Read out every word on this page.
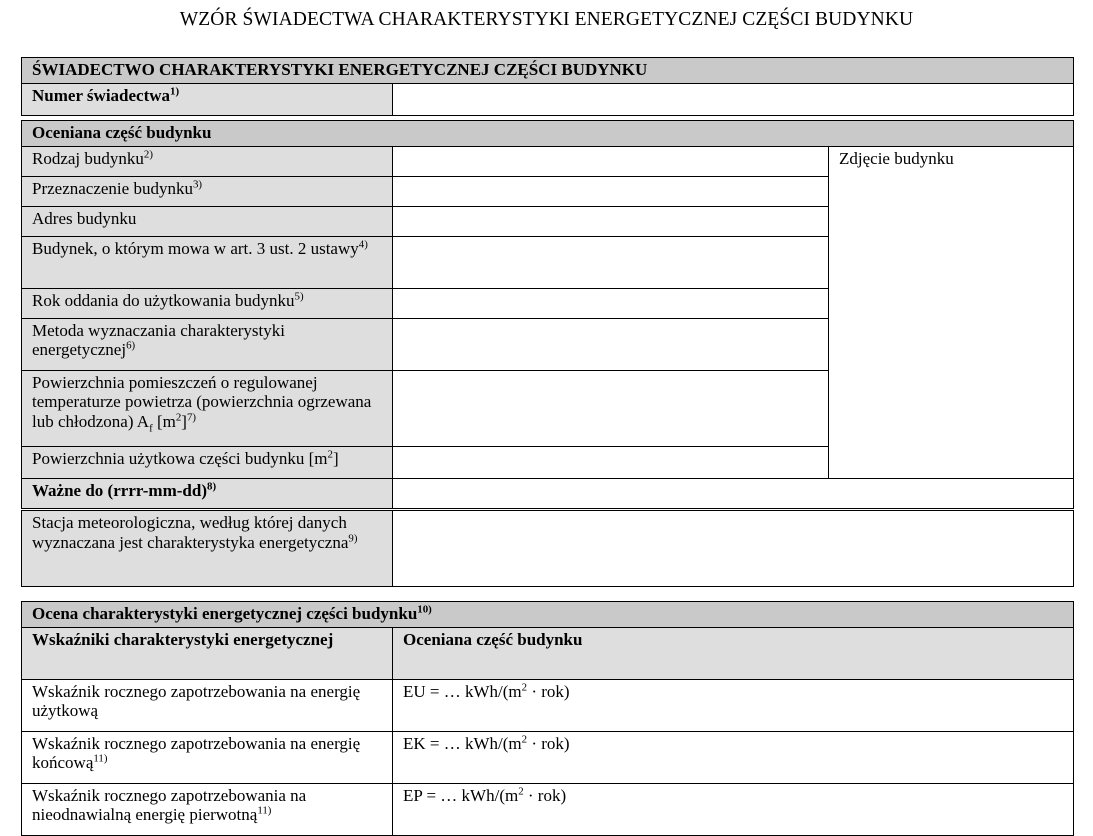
WZÓR ŚWIADECTWA CHARAKTERYSTYKI ENERGETYCZNEJ CZĘŚCI BUDYNKU
ŚWIADECTWO CHARAKTERYSTYKI ENERGETYCZNEJ CZĘŚCI BUDYNKU
Numer świadectwa$^{1)}$	
Oceniana część budynku		
Rodzaj budynku$^{2)}$		Zdjęcie budynku
Przeznaczenie budynku$^{3)}$	
Adres budynku		
Budynek, o którym mowa w art. 3 ust. 2 ustawy$^{4)}$	
Rok oddania do użytkowania budynku$^{5)}$	
Metoda wyznaczania charakterystyki energetycznej$^{6)}$	
Powierzchnia pomieszczeń o regulowanej temperaturze powietrza (powierzchnia ogrzewana lub chłodzona) $A_f$ $[m^2]^{7)}$	
Powierzchnia użytkowa części budynku $[m^2]$		
Ważne do (rrrr-mm-dd)$^{8)}$	
Stacja meteorologiczna, według której danych wyznaczana jest charakterystyka energetyczna$^{9)}$	
Ocena charakterystyki energetycznej części budynku$^{10)}$
Wskaźniki charakterystyki energetycznej	Oceniana część budynku
Wskaźnik rocznego zapotrzebowania na energię użytkową	EU = … kWh/$(m^2 \cdot rok)$
Wskaźnik rocznego zapotrzebowania na energię końcową$^{11)}$	EK = … kWh/$(m^2 \cdot rok)$
Wskaźnik rocznego zapotrzebowania na nieodnawialną energię pierwotną$^{11)}$	EP = … kWh/$(m^2 \cdot rok)$
